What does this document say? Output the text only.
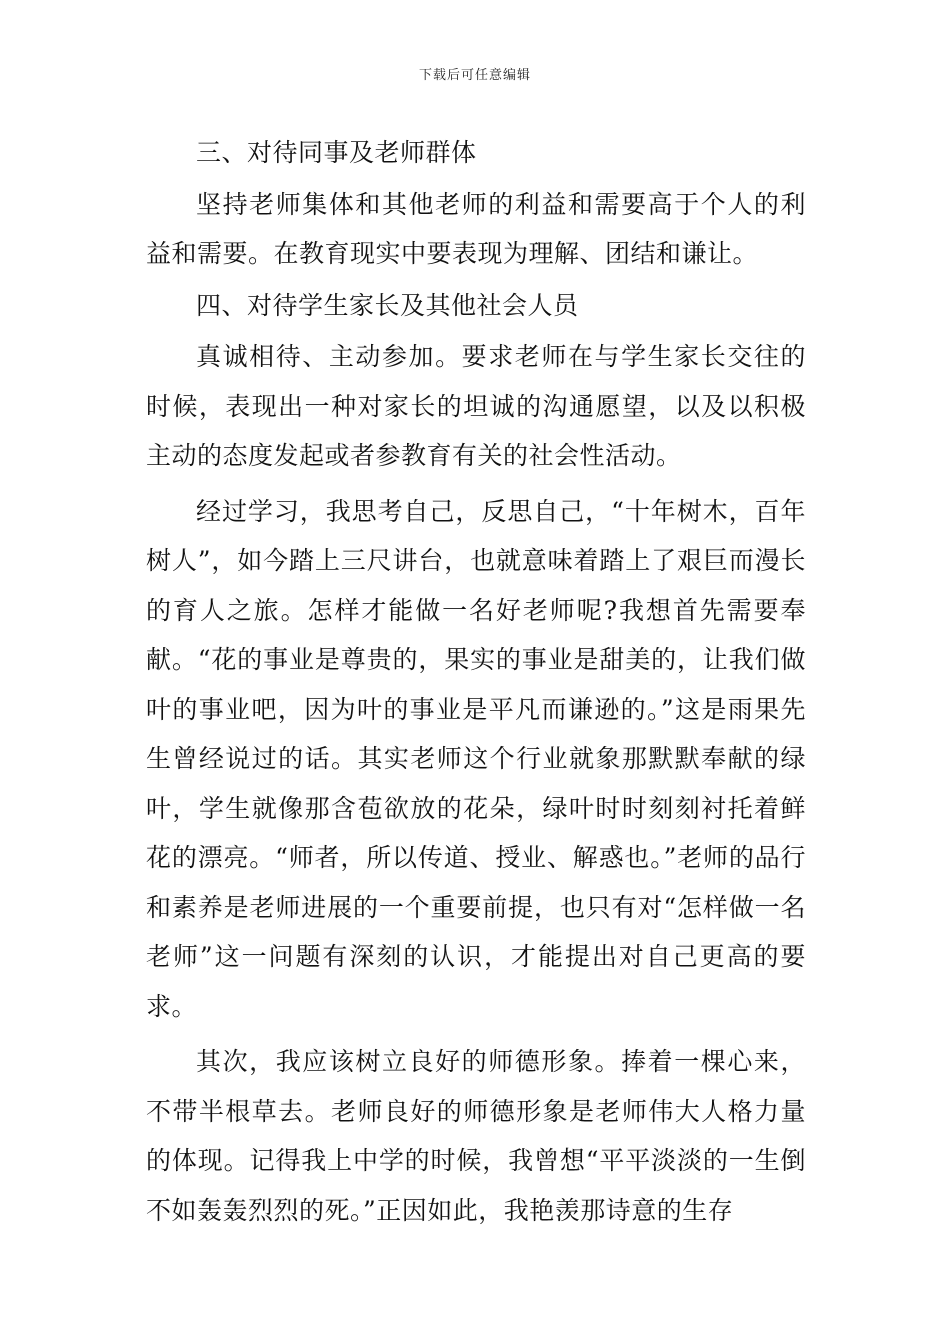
下载后可任意编辑

三、对待同事及老师群体

坚持老师集体和其他老师的利益和需要高于个人的利益和需要。在教育现实中要表现为理解、团结和谦让。

四、对待学生家长及其他社会人员

真诚相待、主动参加。要求老师在与学生家长交往的时候，表现出一种对家长的坦诚的沟通愿望，以及以积极主动的态度发起或者参教育有关的社会性活动。

经过学习，我思考自己，反思自己，“十年树木，百年树人”，如今踏上三尺讲台，也就意味着踏上了艰巨而漫长的育人之旅。怎样才能做一名好老师呢?我想首先需要奉献。“花的事业是尊贵的，果实的事业是甜美的，让我们做叶的事业吧，因为叶的事业是平凡而谦逊的。”这是雨果先生曾经说过的话。其实老师这个行业就象那默默奉献的绿叶，学生就像那含苞欲放的花朵，绿叶时时刻刻衬托着鲜花的漂亮。“师者，所以传道、授业、解惑也。”老师的品行和素养是老师进展的一个重要前提，也只有对“怎样做一名老师”这一问题有深刻的认识，才能提出对自己更高的要求。

其次，我应该树立良好的师德形象。捧着一棵心来，不带半根草去。老师良好的师德形象是老师伟大人格力量的体现。记得我上中学的时候，我曾想“平平淡淡的一生倒不如轰轰烈烈的死。”正因如此，我艳羡那诗意的生存
